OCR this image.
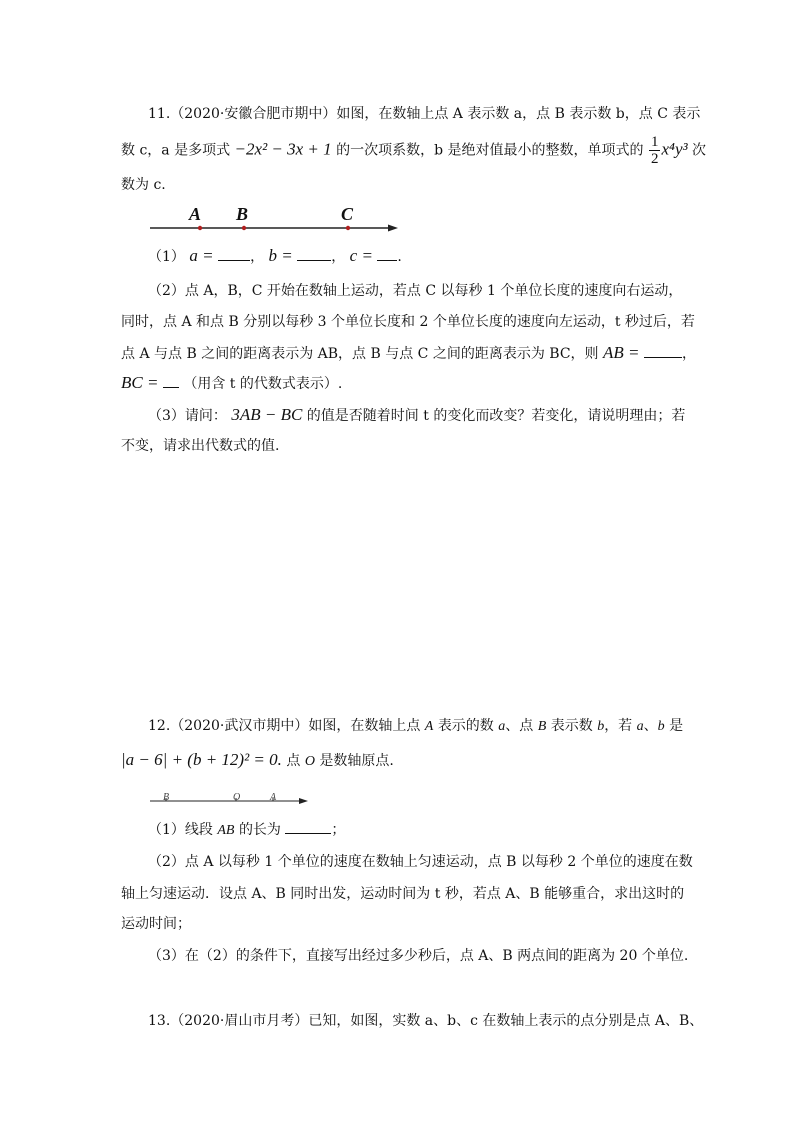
11.（2020·安徽合肥市期中）如图，在数轴上点 A 表示数 a，点 B 表示数 b，点 C 表示
数 c，a 是多项式 −2x² − 3x + 1 的一次项系数，b 是绝对值最小的整数，单项式的 $\frac{1}{2} x^4y^3$ 次
数为 c.
A B	C
（1） a =	， b =	， c = .
（2）点 A，B，C 开始在数轴上运动，若点 C 以每秒 1 个单位长度的速度向右运动，
同时，点 A 和点 B 分别以每秒 3 个单位长度和 2 个单位长度的速度向左运动，t 秒过后，若
点 A 与点 B 之间的距离表示为 AB，点 B 与点 C 之间的距离表示为 BC，则 AB =	，
BC = （用含 t 的代数式表示）.
（3）请问： 3AB − BC 的值是否随着时间 t 的变化而改变？若变化，请说明理由；若
不变，请求出代数式的值.
12.（2020·武汉市期中）如图，在数轴上点 A 表示的数 a、点 B 表示数 b，若 a、b 是
|a − 6| + (b + 12)² = 0. 点 O 是数轴原点.
B	O	A
（1）线段 AB 的长为	；
（2）点 A 以每秒 1 个单位的速度在数轴上匀速运动，点 B 以每秒 2 个单位的速度在数
轴上匀速运动．设点 A、B 同时出发，运动时间为 t 秒，若点 A、B 能够重合，求出这时的
运动时间；
（3）在（2）的条件下，直接写出经过多少秒后，点 A、B 两点间的距离为 20 个单位.
13.（2020·眉山市月考）已知，如图，实数 a、b、c 在数轴上表示的点分别是点 A、B、
